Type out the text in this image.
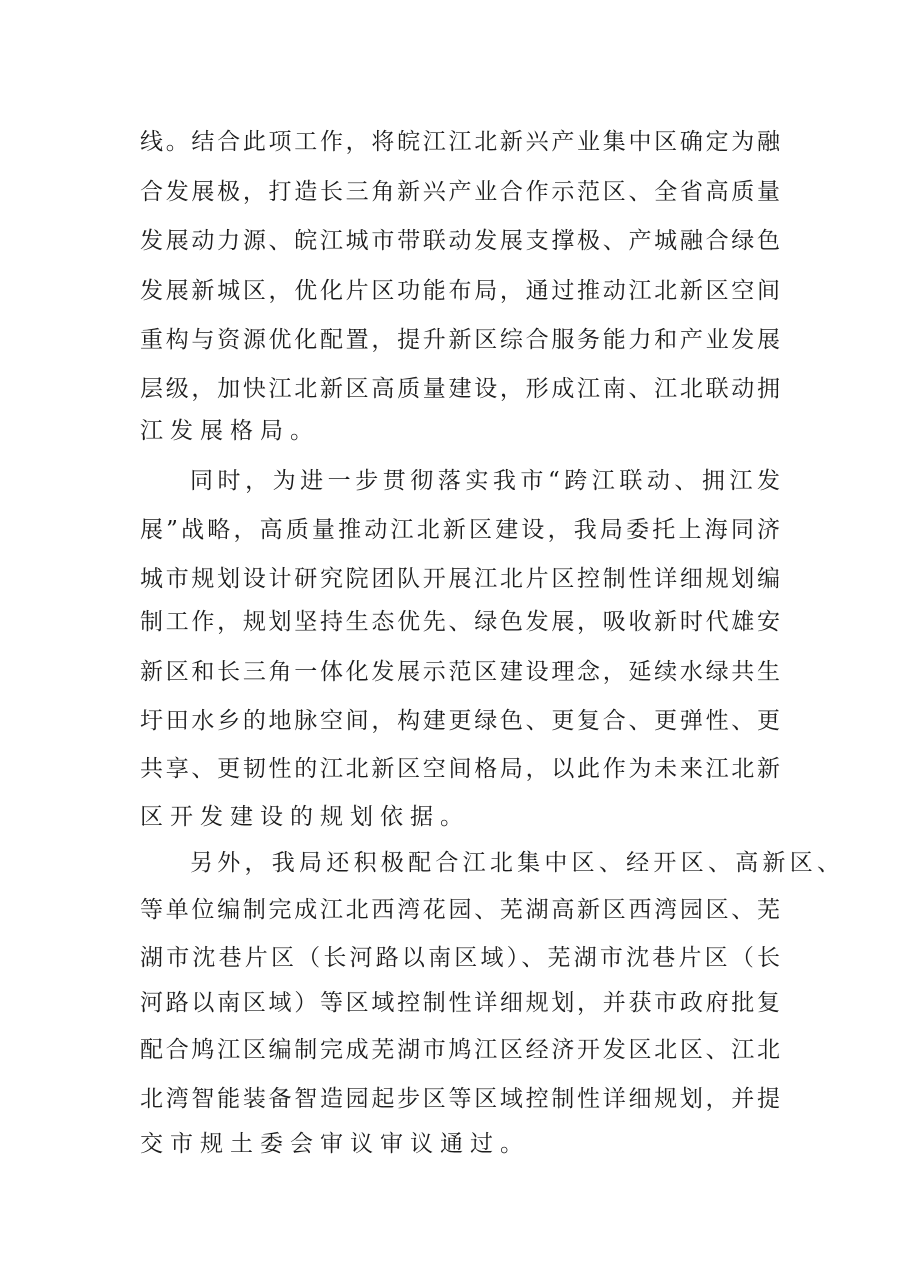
线。结合此项工作，将皖江江北新兴产业集中区确定为融
合发展极，打造长三角新兴产业合作示范区、全省高质量
发展动力源、皖江城市带联动发展支撑极、产城融合绿色
发展新城区，优化片区功能布局，通过推动江北新区空间
重构与资源优化配置，提升新区综合服务能力和产业发展
层级，加快江北新区高质量建设，形成江南、江北联动拥
江发展格局。
同时，为进一步贯彻落实我市“跨江联动、拥江发
展”战略，高质量推动江北新区建设，我局委托上海同济
城市规划设计研究院团队开展江北片区控制性详细规划编
制工作，规划坚持生态优先、绿色发展，吸收新时代雄安
新区和长三角一体化发展示范区建设理念，延续水绿共生
圩田水乡的地脉空间，构建更绿色、更复合、更弹性、更
共享、更韧性的江北新区空间格局，以此作为未来江北新
区开发建设的规划依据。
另外，我局还积极配合江北集中区、经开区、高新区、
等单位编制完成江北西湾花园、芜湖高新区西湾园区、芜
湖市沈巷片区（长河路以南区域）、芜湖市沈巷片区（长
河路以南区域）等区域控制性详细规划，并获市政府批复
配合鸠江区编制完成芜湖市鸠江区经济开发区北区、江北
北湾智能装备智造园起步区等区域控制性详细规划，并提
交市规土委会审议审议通过。
